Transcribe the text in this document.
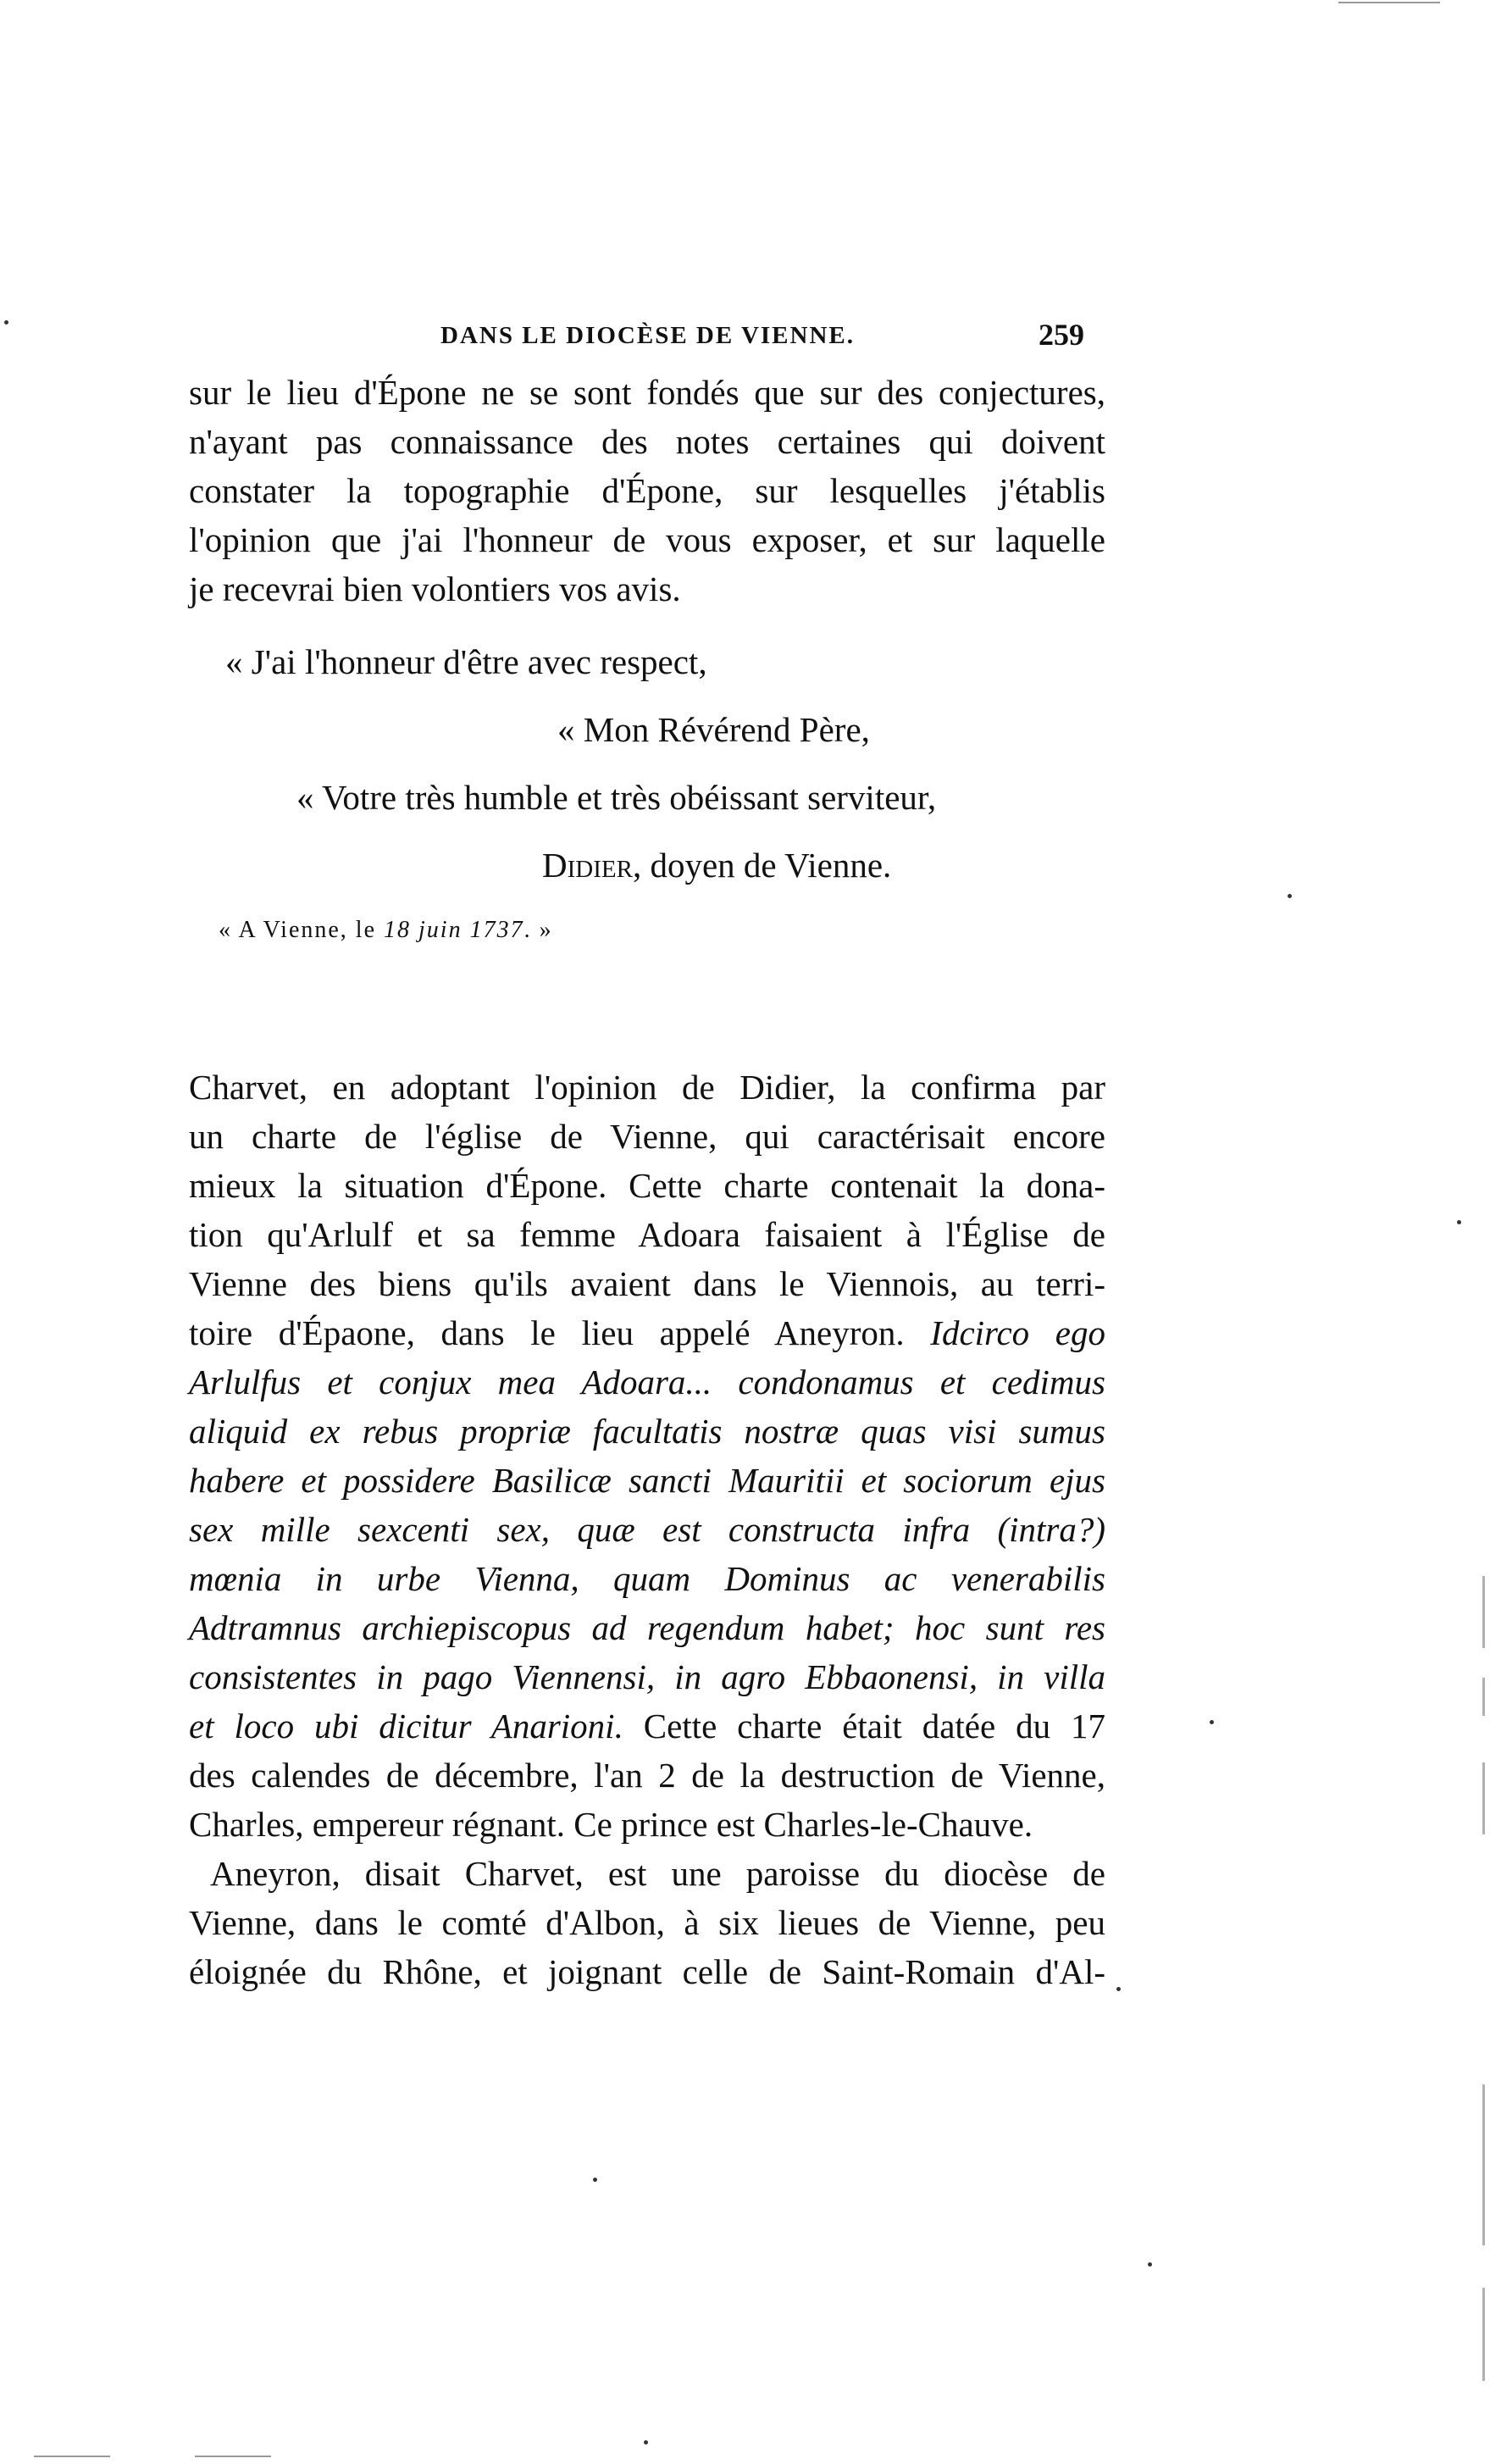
DANS LE DIOCÈSE DE VIENNE.	259
sur le lieu d'Épone ne se sont fondés que sur des conjectures,
n'ayant pas connaissance des notes certaines qui doivent
constater la topographie d'Épone, sur lesquelles j'établis
l'opinion que j'ai l'honneur de vous exposer, et sur laquelle
je recevrai bien volontiers vos avis.
« J'ai l'honneur d'être avec respect,
« Mon Révérend Père,
« Votre très humble et très obéissant serviteur,
Didier, doyen de Vienne.
« A Vienne, le 18 juin 1737. »
Charvet, en adoptant l'opinion de Didier, la confirma par
un charte de l'église de Vienne, qui caractérisait encore
mieux la situation d'Épone. Cette charte contenait la dona-
tion qu'Arlulf et sa femme Adoara faisaient à l'Église de
Vienne des biens qu'ils avaient dans le Viennois, au terri-
toire d'Épaone, dans le lieu appelé Aneyron. Idcirco ego
Arlulfus et conjux mea Adoara... condonamus et cedimus
aliquid ex rebus propriæ facultatis nostræ quas visi sumus
habere et possidere Basilicæ sancti Mauritii et sociorum ejus
sex mille sexcenti sex, quæ est constructa infra (intra?)
mœnia in urbe Vienna, quam Dominus ac venerabilis
Adtramnus archiepiscopus ad regendum habet; hoc sunt res
consistentes in pago Viennensi, in agro Ebbaonensi, in villa
et loco ubi dicitur Anarioni. Cette charte était datée du 17
des calendes de décembre, l'an 2 de la destruction de Vienne,
Charles, empereur régnant. Ce prince est Charles-le-Chauve.
Aneyron, disait Charvet, est une paroisse du diocèse de
Vienne, dans le comté d'Albon, à six lieues de Vienne, peu
éloignée du Rhône, et joignant celle de Saint-Romain d'Al-
